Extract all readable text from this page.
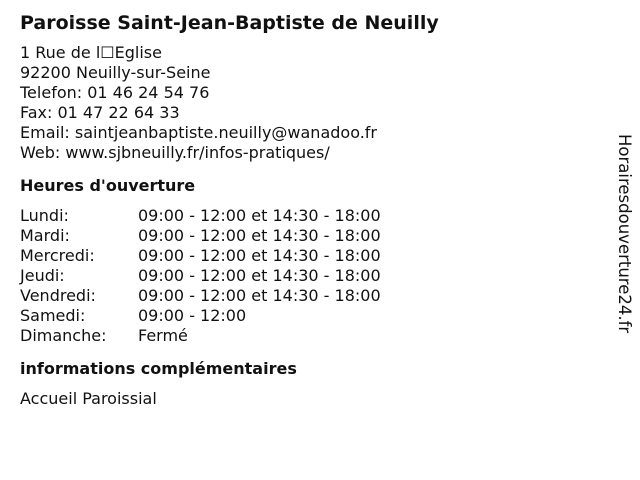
Paroisse Saint-Jean-Baptiste de Neuilly
1 Rue de l☐Eglise
92200 Neuilly-sur-Seine
Telefon: 01 46 24 54 76
Fax: 01 47 22 64 33
Email: saintjeanbaptiste.neuilly@wanadoo.fr
Web: www.sjbneuilly.fr/infos-pratiques/
Heures d'ouverture
Lundi:	09:00 - 12:00 et 14:30 - 18:00
Mardi:	09:00 - 12:00 et 14:30 - 18:00
Mercredi:	09:00 - 12:00 et 14:30 - 18:00
Jeudi:	09:00 - 12:00 et 14:30 - 18:00
Vendredi:	09:00 - 12:00 et 14:30 - 18:00
Samedi:	09:00 - 12:00
Dimanche:	Fermé
informations complémentaires
Accueil Paroissial
Horairesdouverture24.fr
